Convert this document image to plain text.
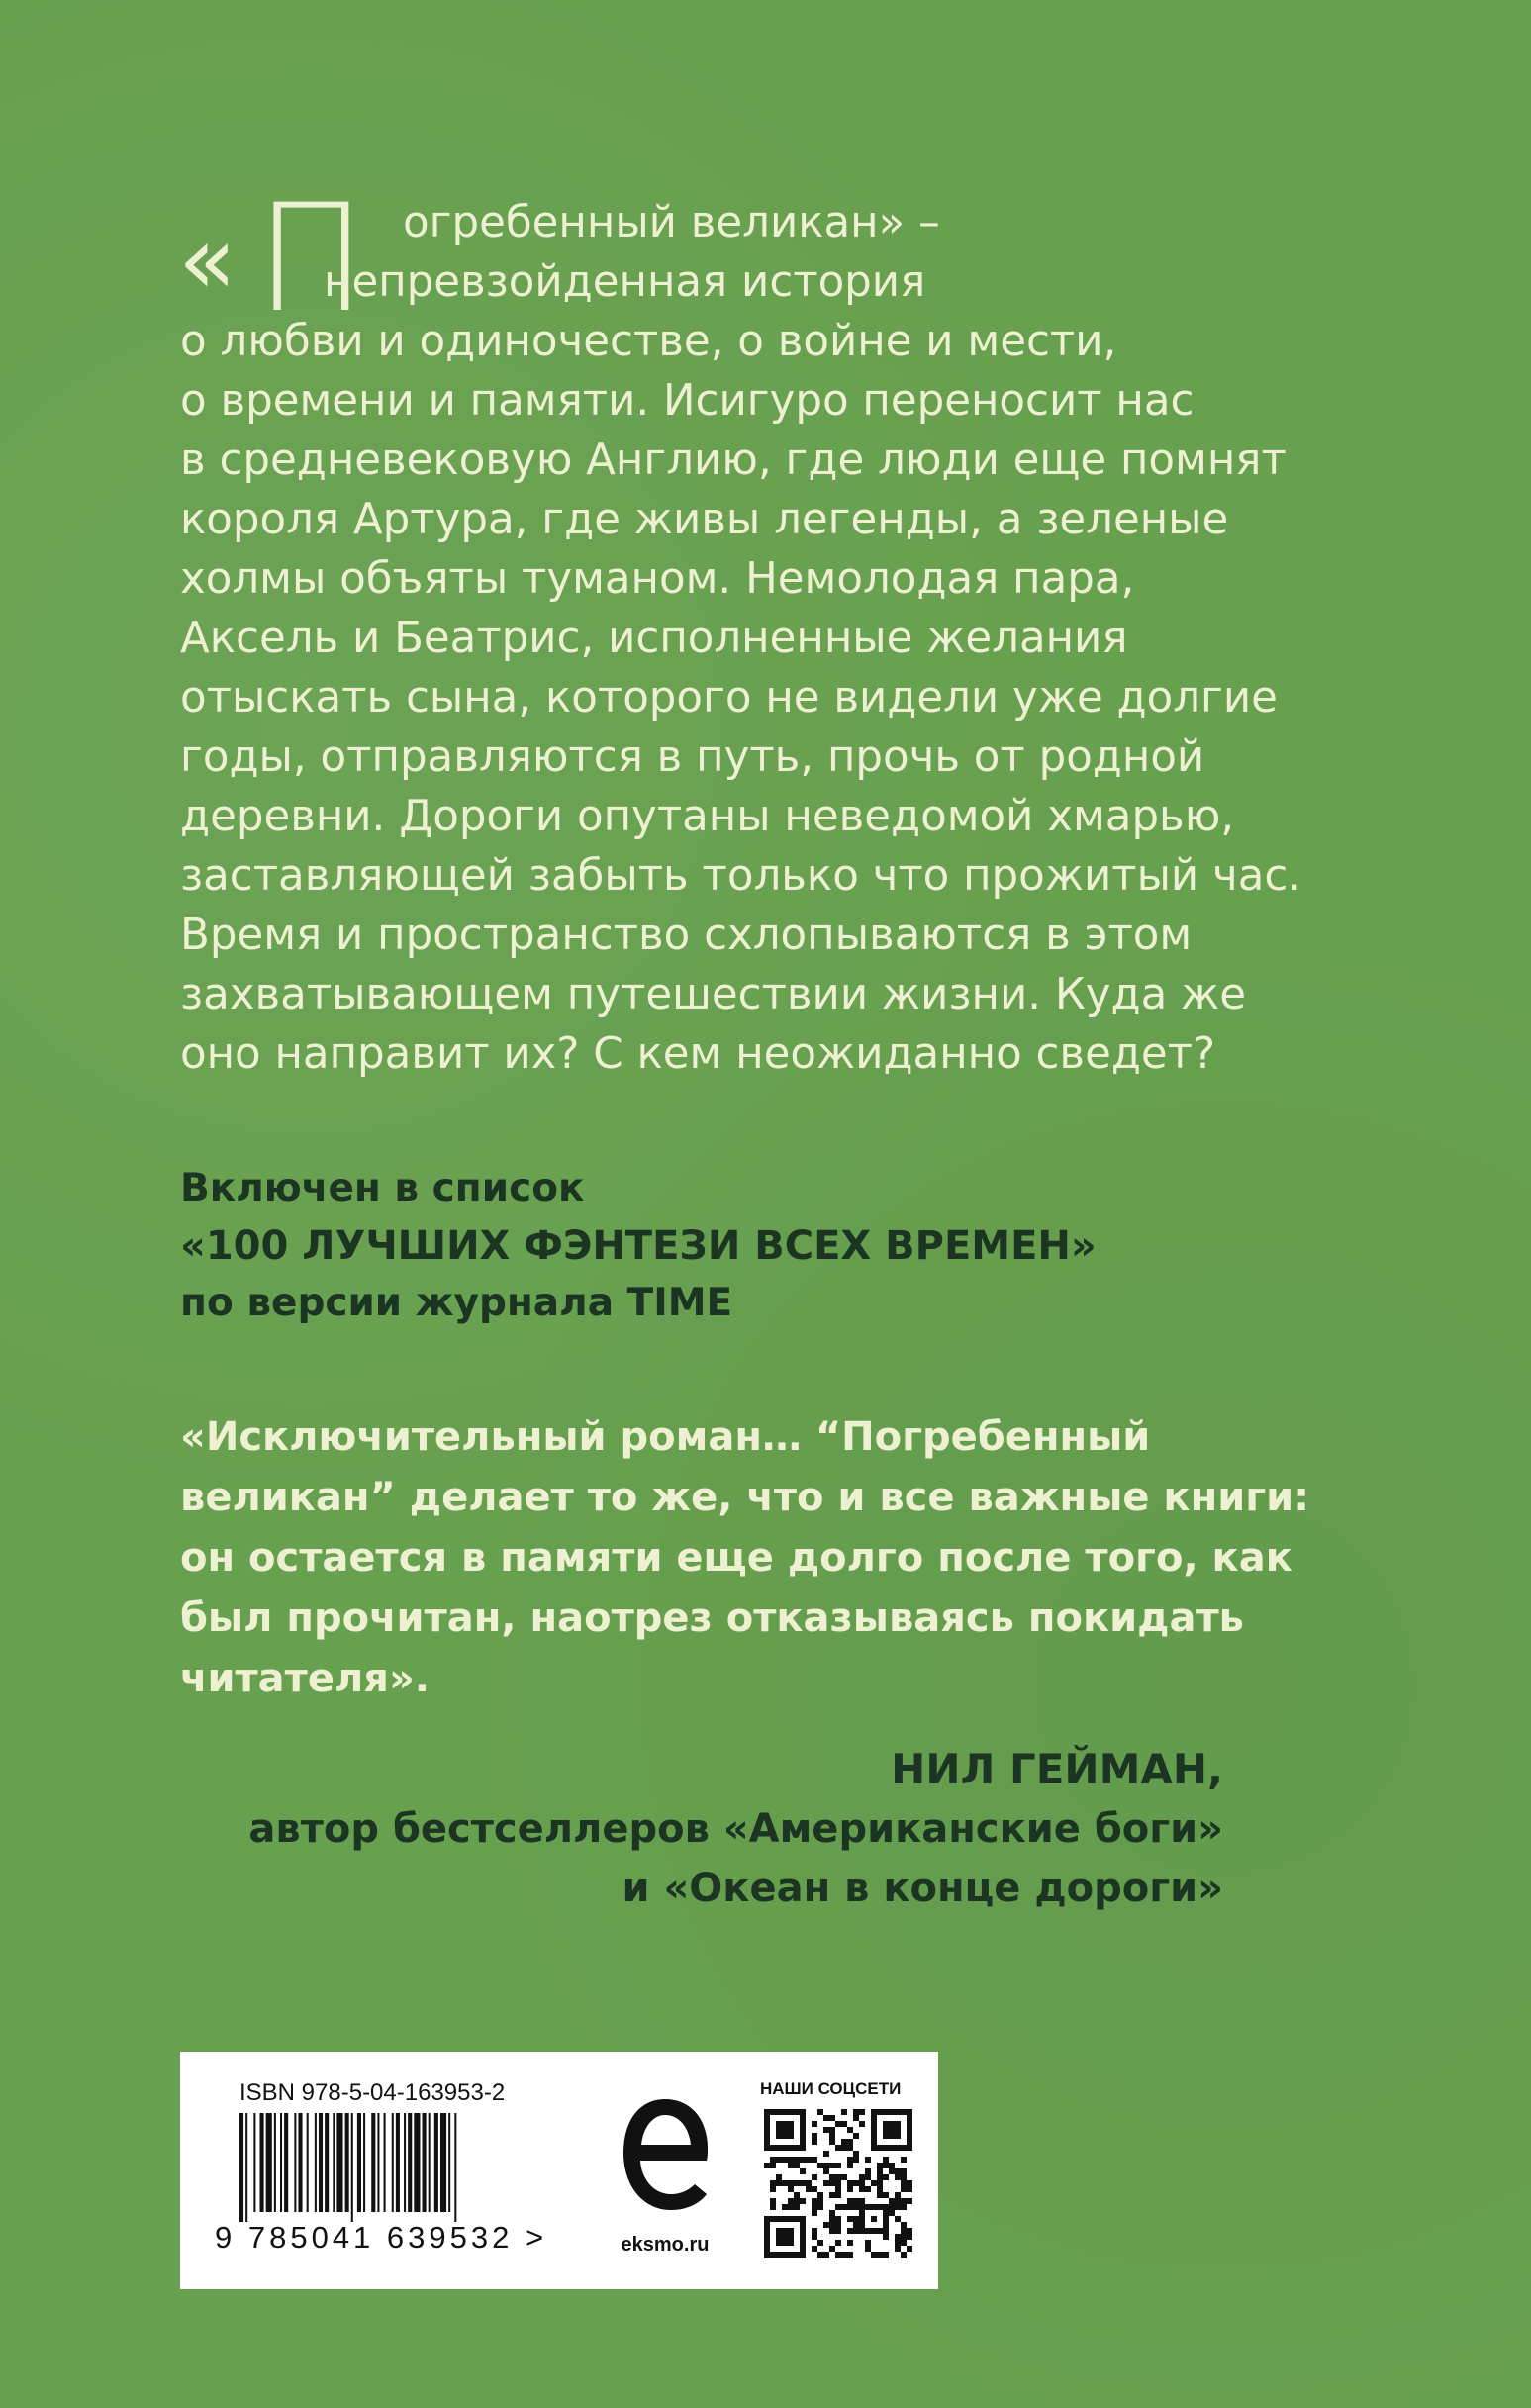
« П огребенный великан» –
непревзойденная история
о любви и одиночестве, о войне и мести,
о времени и памяти. Исигуро переносит нас
в средневековую Англию, где люди еще помнят
короля Артура, где живы легенды, а зеленые
холмы объяты туманом. Немолодая пара,
Аксель и Беатрис, исполненные желания
отыскать сына, которого не видели уже долгие
годы, отправляются в путь, прочь от родной
деревни. Дороги опутаны неведомой хмарью,
заставляющей забыть только что прожитый час.
Время и пространство схлопываются в этом
захватывающем путешествии жизни. Куда же
оно направит их? С кем неожиданно сведет?
Включен в список
«100 ЛУЧШИХ ФЭНТЕЗИ ВСЕХ ВРЕМЕН»
по версии журнала TIME
«Исключительный роман… “Погребенный
великан” делает то же, что и все важные книги:
он остается в памяти еще долго после того, как
был прочитан, наотрез отказываясь покидать
читателя».
НИЛ ГЕЙМАН,
автор бестселлеров «Американские боги»
и «Океан в конце дороги»
ISBN 978-5-04-163953-2
9 785041 639532 >	eksmo.ru
НАШИ СОЦСЕТИ
